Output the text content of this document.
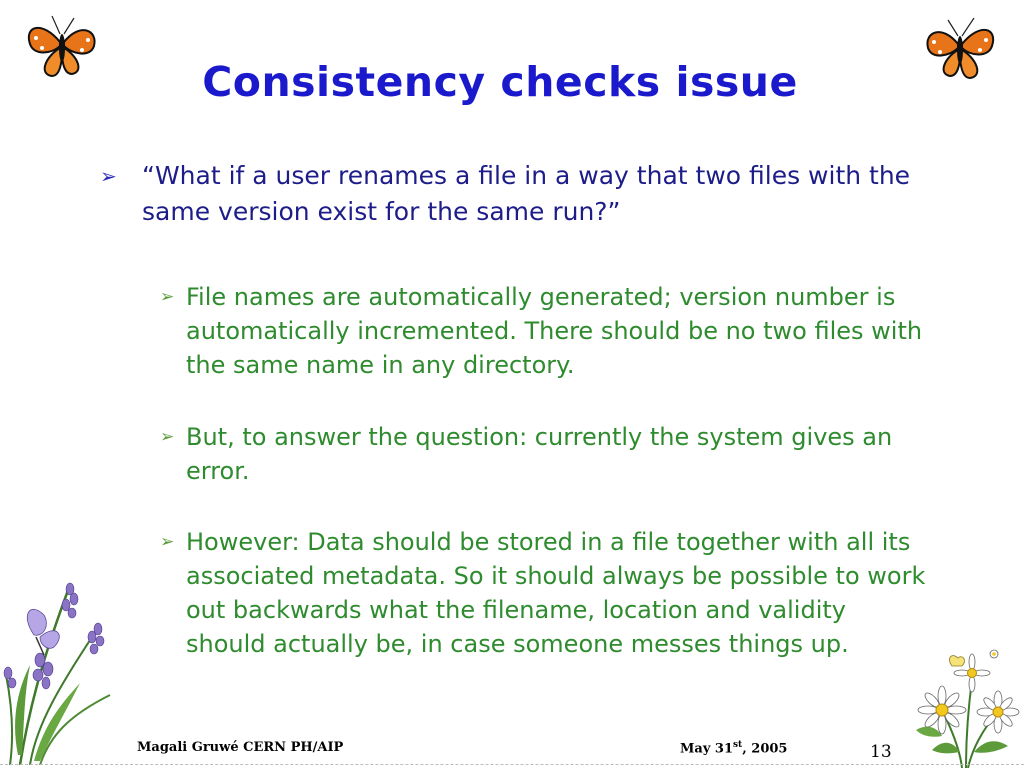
Consistency checks issue
➢ “What if a user renames a file in a way that two files with the same version exist for the same run?”
➢ File names are automatically generated; version number is automatically incremented. There should be no two files with the same name in any directory.
➢ But, to answer the question: currently the system gives an error.
➢ However: Data should be stored in a file together with all its associated metadata. So it should always be possible to work out backwards what the filename, location and validity should actually be, in case someone messes things up.
Magali Gruwé CERN PH/AIP	May 31st, 2005	13
